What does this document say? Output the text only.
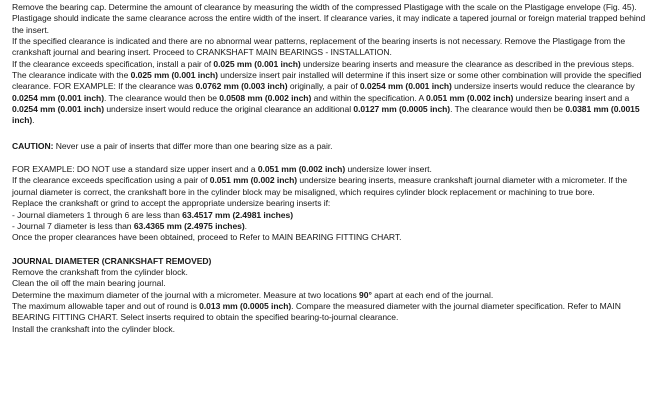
Remove the bearing cap. Determine the amount of clearance by measuring the width of the compressed Plastigage with the scale on the Plastigage envelope (Fig. 45).

Plastigage should indicate the same clearance across the entire width of the insert. If clearance varies, it may indicate a tapered journal or foreign material trapped behind the insert.

If the specified clearance is indicated and there are no abnormal wear patterns, replacement of the bearing inserts is not necessary. Remove the Plastigage from the crankshaft journal and bearing insert. Proceed to CRANKSHAFT MAIN BEARINGS - INSTALLATION.

If the clearance exceeds specification, install a pair of 0.025 mm (0.001 inch) undersize bearing inserts and measure the clearance as described in the previous steps.

The clearance indicate with the 0.025 mm (0.001 inch) undersize insert pair installed will determine if this insert size or some other combination will provide the specified clearance. FOR EXAMPLE: If the clearance was 0.0762 mm (0.003 inch) originally, a pair of 0.0254 mm (0.001 inch) undersize inserts would reduce the clearance by 0.0254 mm (0.001 inch). The clearance would then be 0.0508 mm (0.002 inch) and within the specification. A 0.051 mm (0.002 inch) undersize bearing insert and a 0.0254 mm (0.001 inch) undersize insert would reduce the original clearance an additional 0.0127 mm (0.0005 inch). The clearance would then be 0.0381 mm (0.0015 inch).

CAUTION: Never use a pair of inserts that differ more than one bearing size as a pair.

FOR EXAMPLE: DO NOT use a standard size upper insert and a 0.051 mm (0.002 inch) undersize lower insert.

If the clearance exceeds specification using a pair of 0.051 mm (0.002 inch) undersize bearing inserts, measure crankshaft journal diameter with a micrometer. If the journal diameter is correct, the crankshaft bore in the cylinder block may be misaligned, which requires cylinder block replacement or machining to true bore.

Replace the crankshaft or grind to accept the appropriate undersize bearing inserts if:

- Journal diameters 1 through 6 are less than 63.4517 mm (2.4981 inches)

- Journal 7 diameter is less than 63.4365 mm (2.4975 inches).

Once the proper clearances have been obtained, proceed to Refer to MAIN BEARING FITTING CHART.

JOURNAL DIAMETER (CRANKSHAFT REMOVED)

Remove the crankshaft from the cylinder block.

Clean the oil off the main bearing journal.

Determine the maximum diameter of the journal with a micrometer. Measure at two locations 90° apart at each end of the journal.

The maximum allowable taper and out of round is 0.013 mm (0.0005 inch). Compare the measured diameter with the journal diameter specification. Refer to MAIN BEARING FITTING CHART. Select inserts required to obtain the specified bearing-to-journal clearance.

Install the crankshaft into the cylinder block.
